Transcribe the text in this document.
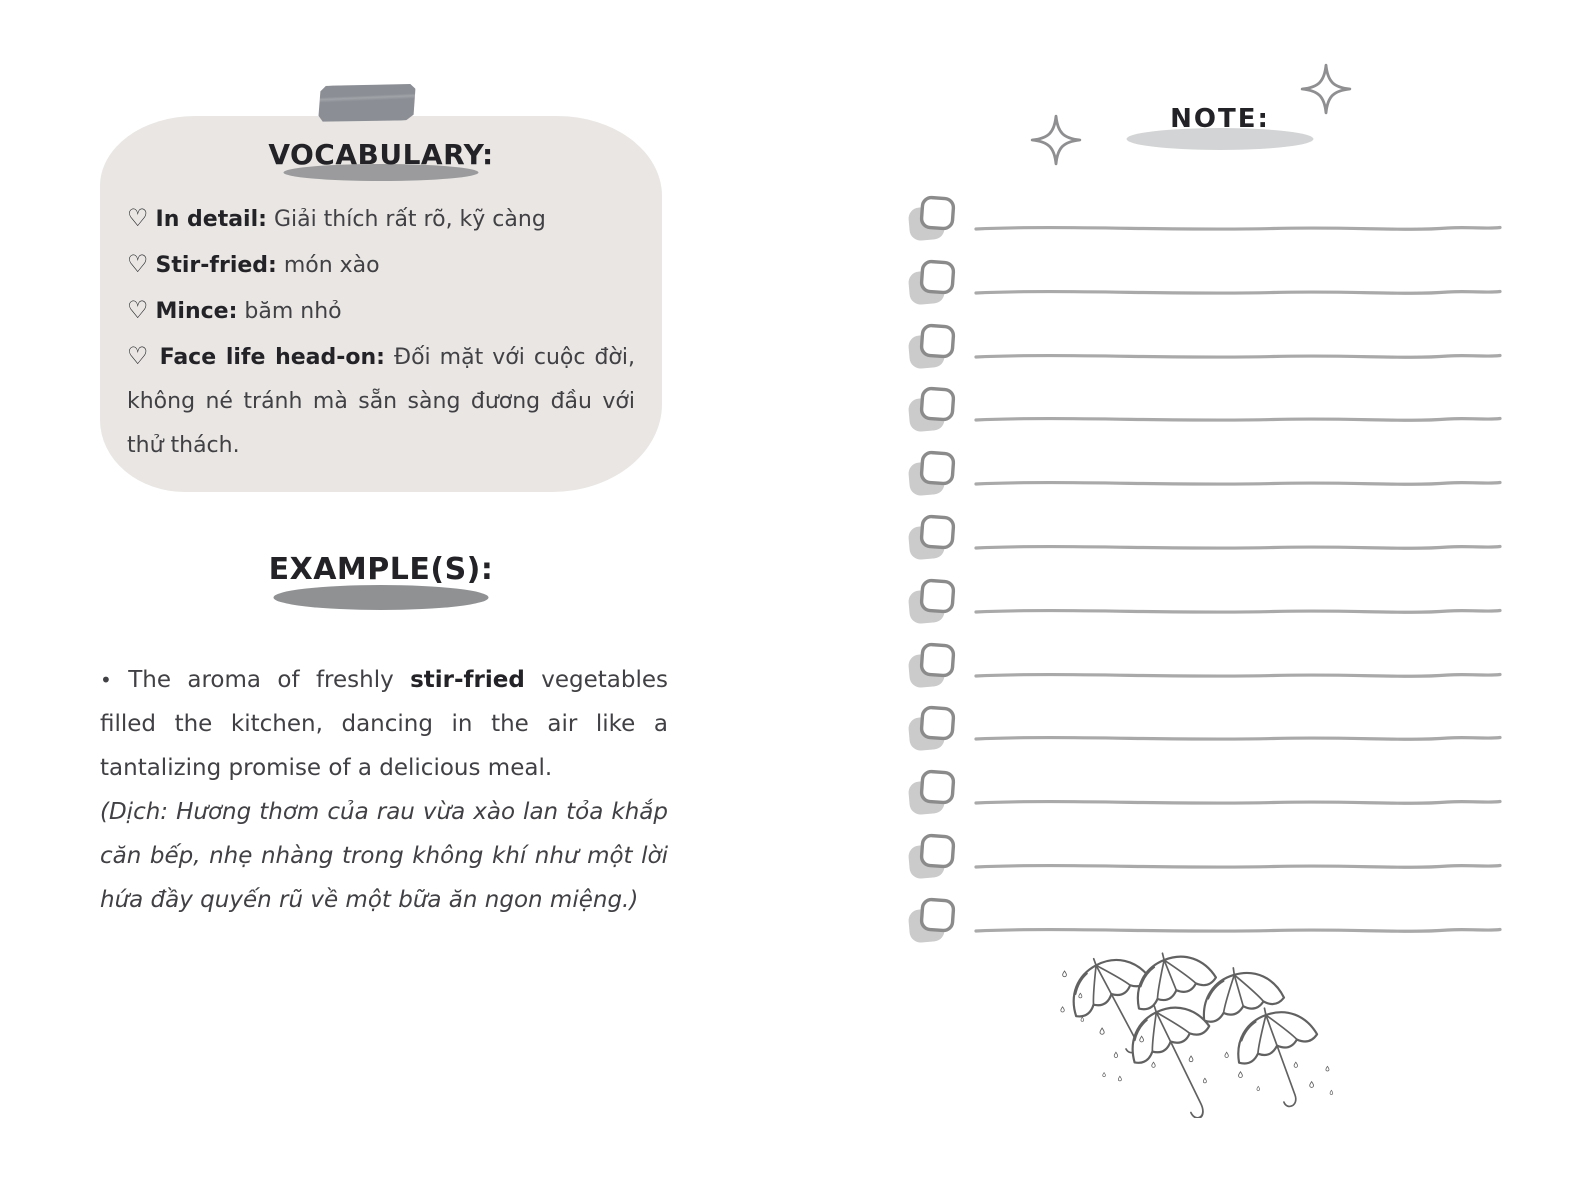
VOCABULARY:

♡ In detail: Giải thích rất rõ, kỹ càng

♡ Stir-fried: món xào

♡ Mince: băm nhỏ

♡ Face life head-on: Đối mặt với cuộc đời, không né tránh mà sẵn sàng đương đầu với thử thách.

EXAMPLE(S):

• The aroma of freshly stir-fried vegetables filled the kitchen, dancing in the air like a tantalizing promise of a delicious meal.

(Dịch: Hương thơm của rau vừa xào lan tỏa khắp căn bếp, nhẹ nhàng trong không khí như một lời hứa đầy quyến rũ về một bữa ăn ngon miệng.)

NOTE:
